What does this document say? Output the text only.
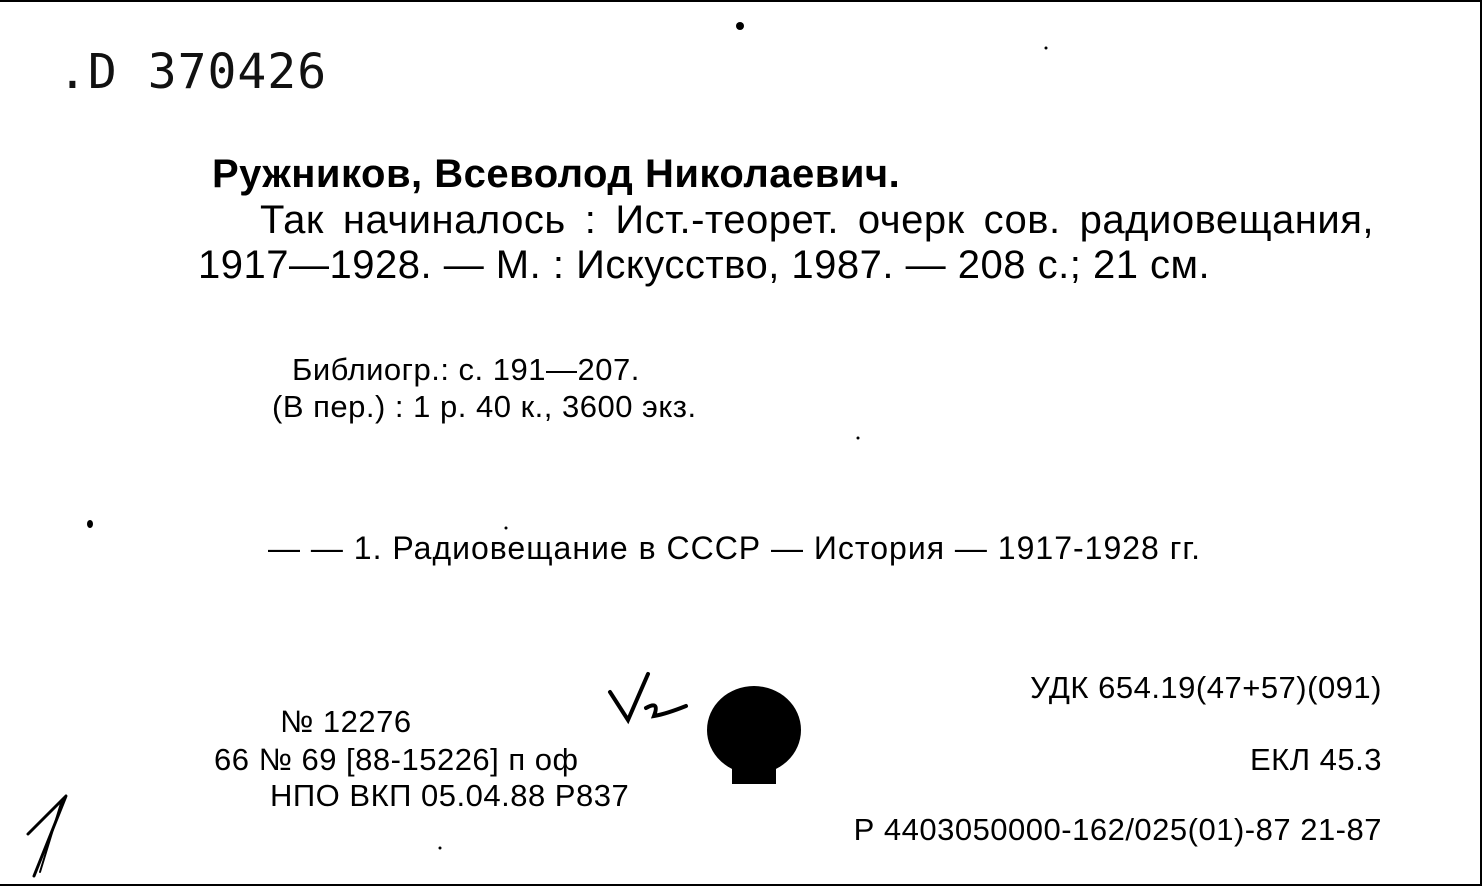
.D 370426
Ружников, Всеволод Николаевич.

Так начиналось : Ист.-теорет. очерк сов. радиовещания, 1917—1928. — М. : Искусство, 1987. — 208 с.; 21 см.

Библиогр.: с. 191—207.
(В пер.) : 1 р. 40 к., 3600 экз.
— — 1. Радиовещание в СССР — История — 1917-1928 гг.
№ 12276
66 № 69 [88-15226] п оф
НПО ВКП 05.04.88 Р837
УДК 654.19(47+57)(091)
ЕКЛ 45.3
Р 4403050000-162/025(01)-87 21-87
